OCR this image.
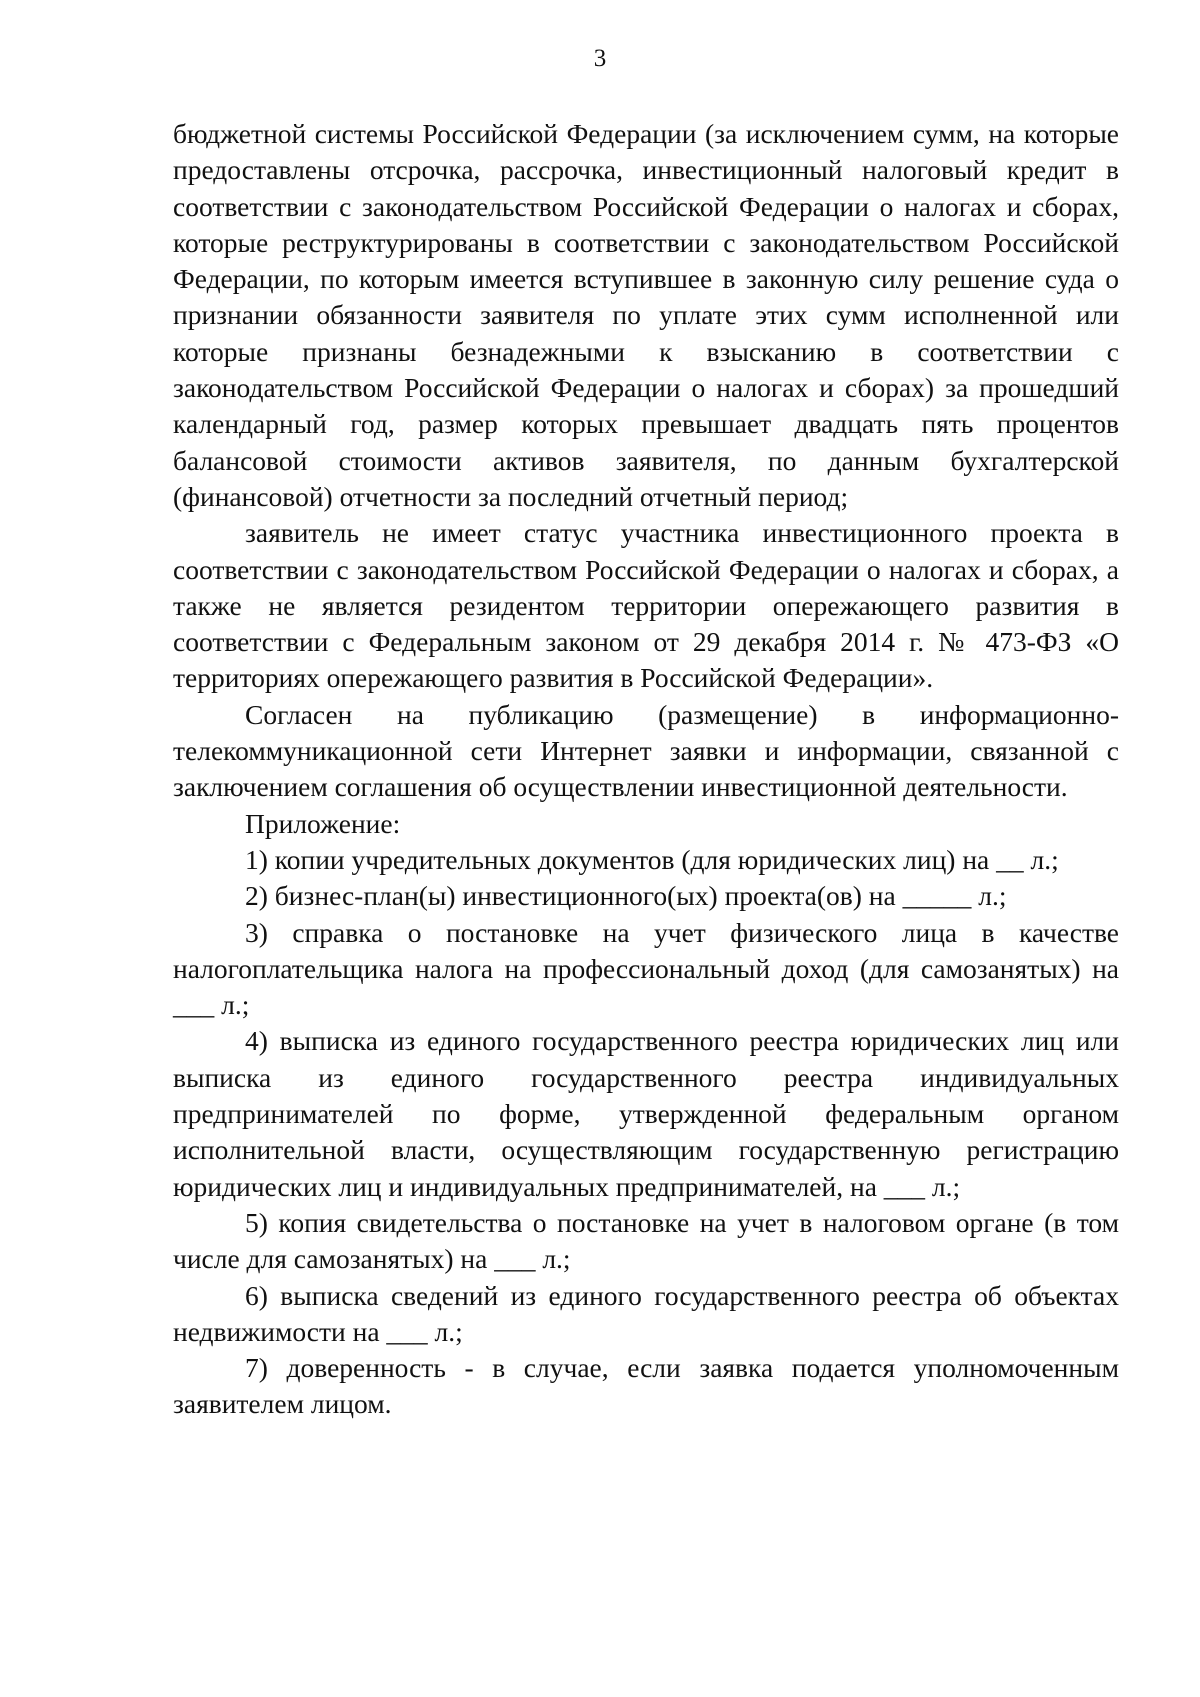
3

бюджетной системы Российской Федерации (за исключением сумм, на которые предоставлены отсрочка, рассрочка, инвестиционный налоговый кредит в соответствии с законодательством Российской Федерации о налогах и сборах, которые реструктурированы в соответствии с законодательством Российской Федерации, по которым имеется вступившее в законную силу решение суда о признании обязанности заявителя по уплате этих сумм исполненной или которые признаны безнадежными к взысканию в соответствии с законодательством Российской Федерации о налогах и сборах) за прошедший календарный год, размер которых превышает двадцать пять процентов балансовой стоимости активов заявителя, по данным бухгалтерской (финансовой) отчетности за последний отчетный период;

заявитель не имеет статус участника инвестиционного проекта в соответствии с законодательством Российской Федерации о налогах и сборах, а также не является резидентом территории опережающего развития в соответствии с Федеральным законом от 29 декабря 2014 г. № 473-ФЗ «О территориях опережающего развития в Российской Федерации».

Согласен на публикацию (размещение) в информационно-телекоммуникационной сети Интернет заявки и информации, связанной с заключением соглашения об осуществлении инвестиционной деятельности.

Приложение:

1) копии учредительных документов (для юридических лиц) на __ л.;

2) бизнес-план(ы) инвестиционного(ых) проекта(ов) на _____ л.;

3) справка о постановке на учет физического лица в качестве налогоплательщика налога на профессиональный доход (для самозанятых) на ___ л.;

4) выписка из единого государственного реестра юридических лиц или выписка из единого государственного реестра индивидуальных предпринимателей по форме, утвержденной федеральным органом исполнительной власти, осуществляющим государственную регистрацию юридических лиц и индивидуальных предпринимателей, на ___ л.;

5) копия свидетельства о постановке на учет в налоговом органе (в том числе для самозанятых) на ___ л.;

6) выписка сведений из единого государственного реестра об объектах недвижимости на ___ л.;

7) доверенность - в случае, если заявка подается уполномоченным заявителем лицом.
